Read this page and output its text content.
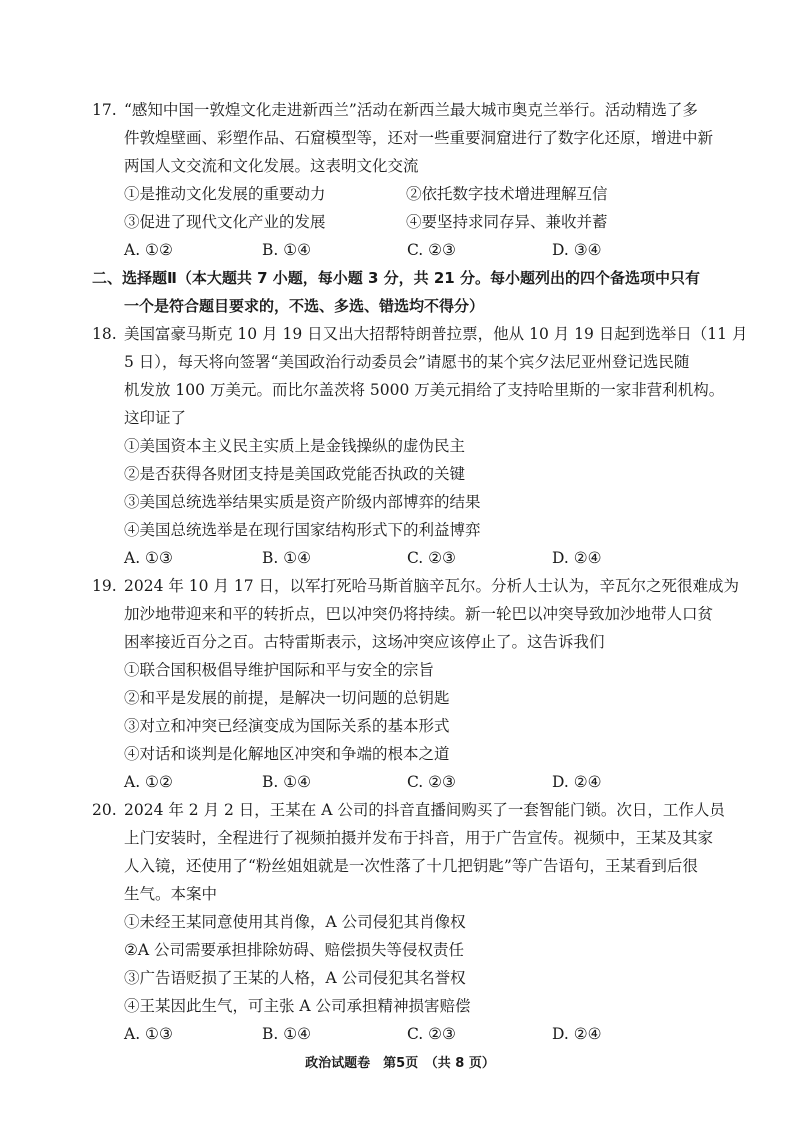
17. “感知中国一敦煌文化走进新西兰”活动在新西兰最大城市奥克兰举行。活动精选了多
件敦煌壁画、彩塑作品、石窟模型等，还对一些重要洞窟进行了数字化还原，增进中新
两国人文交流和文化发展。这表明文化交流
①是推动文化发展的重要动力	②依托数字技术增进理解互信
③促进了现代文化产业的发展	④要坚持求同存异、兼收并蓄
A. ①②	B. ①④	C. ②③	D. ③④
二、选择题Ⅱ（本大题共 7 小题，每小题 3 分，共 21 分。每小题列出的四个备选项中只有
一个是符合题目要求的，不选、多选、错选均不得分）
18. 美国富豪马斯克 10 月 19 日又出大招帮特朗普拉票，他从 10 月 19 日起到选举日（11 月
5 日），每天将向签署“美国政治行动委员会”请愿书的某个宾夕法尼亚州登记选民随
机发放 100 万美元。而比尔盖茨将 5000 万美元捐给了支持哈里斯的一家非营利机构。
这印证了
①美国资本主义民主实质上是金钱操纵的虚伪民主
②是否获得各财团支持是美国政党能否执政的关键
③美国总统选举结果实质是资产阶级内部博弈的结果
④美国总统选举是在现行国家结构形式下的利益博弈
A. ①③	B. ①④	C. ②③	D. ②④
19. 2024 年 10 月 17 日，以军打死哈马斯首脑辛瓦尔。分析人士认为，辛瓦尔之死很难成为
加沙地带迎来和平的转折点，巴以冲突仍将持续。新一轮巴以冲突导致加沙地带人口贫
困率接近百分之百。古特雷斯表示，这场冲突应该停止了。这告诉我们
①联合国积极倡导维护国际和平与安全的宗旨
②和平是发展的前提，是解决一切问题的总钥匙
③对立和冲突已经演变成为国际关系的基本形式
④对话和谈判是化解地区冲突和争端的根本之道
A. ①②	B. ①④	C. ②③	D. ②④
20. 2024 年 2 月 2 日，王某在 A 公司的抖音直播间购买了一套智能门锁。次日，工作人员
上门安装时，全程进行了视频拍摄并发布于抖音，用于广告宣传。视频中，王某及其家
人入镜，还使用了“粉丝姐姐就是一次性落了十几把钥匙”等广告语句，王某看到后很
生气。本案中
①未经王某同意使用其肖像，A 公司侵犯其肖像权
②A 公司需要承担排除妨碍、赔偿损失等侵权责任
③广告语贬损了王某的人格，A 公司侵犯其名誉权
④王某因此生气，可主张 A 公司承担精神损害赔偿
A. ①③	B. ①④	C. ②③	D. ②④
政治试题卷　第5页　（共 8 页）
